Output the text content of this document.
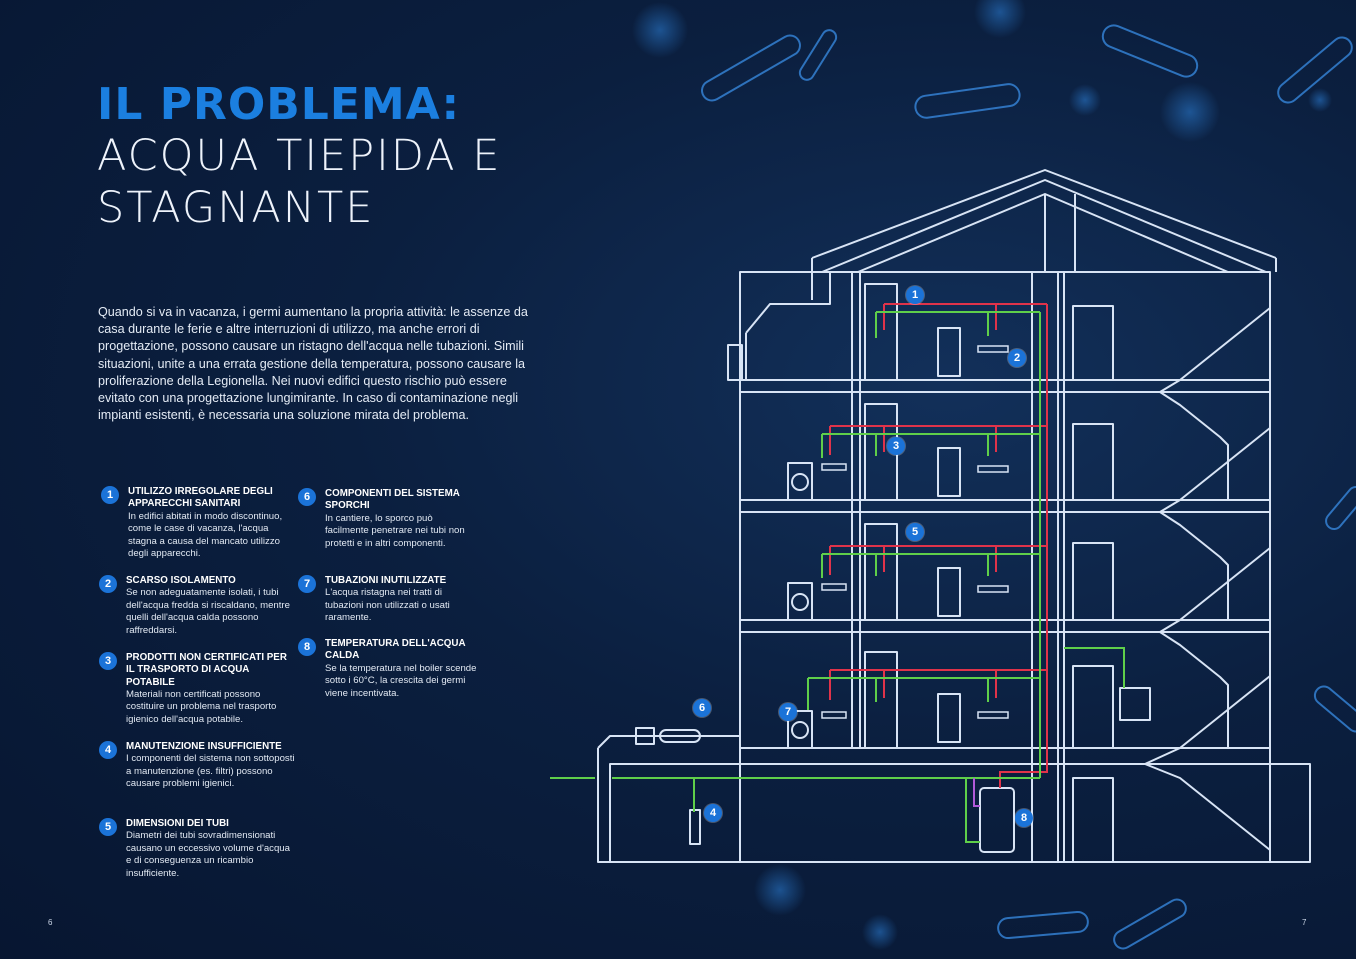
IL PROBLEMA:
ACQUA TIEPIDA E
STAGNANTE
Quando si va in vacanza, i germi aumentano la propria attività: le assenze da casa durante le ferie e altre interruzioni di utilizzo, ma anche errori di progettazione, possono causare un ristagno dell'acqua nelle tubazioni. Simili situazioni, unite a una errata gestione della temperatura, possono causare la proliferazione della Legionella. Nei nuovi edifici questo rischio può essere evitato con una progettazione lungimirante. In caso di contaminazione negli impianti esistenti, è necessaria una soluzione mirata del problema.
1	UTILIZZO IRREGOLARE DEGLI APPARECCHI SANITARI
In edifici abitati in modo discontinuo, come le case di vacanza, l'acqua stagna a causa del mancato utilizzo degli apparecchi.
2	SCARSO ISOLAMENTO
Se non adeguatamente isolati, i tubi dell'acqua fredda si riscaldano, mentre quelli dell'acqua calda possono raffreddarsi.
3	PRODOTTI NON CERTIFICATI PER IL TRASPORTO DI ACQUA POTABILE
Materiali non certificati possono costituire un problema nel trasporto igienico dell'acqua potabile.
4	MANUTENZIONE INSUFFICIENTE
I componenti del sistema non sottoposti a manutenzione (es. filtri) possono causare problemi igienici.
5	DIMENSIONI DEI TUBI
Diametri dei tubi sovradimensionati causano un eccessivo volume d'acqua e di conseguenza un ricambio insufficiente.
6	COMPONENTI DEL SISTEMA SPORCHI
In cantiere, lo sporco può facilmente penetrare nei tubi non protetti e in altri componenti.
7	TUBAZIONI INUTILIZZATE
L'acqua ristagna nei tratti di tubazioni non utilizzati o usati raramente.
8	TEMPERATURA DELL'ACQUA CALDA
Se la temperatura nel boiler scende sotto i 60°C, la crescita dei germi viene incentivata.
1
2
3
4
5
6	7
8
6	7
